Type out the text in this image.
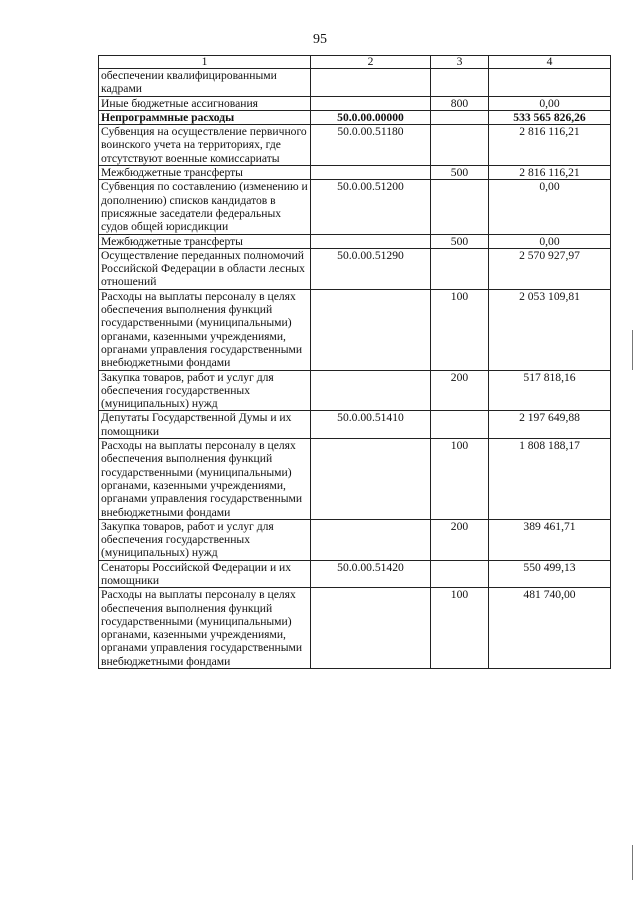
95
1	2	3	4
обеспечении квалифицированными кадрами			
Иные бюджетные ассигнования		800	0,00
Непрограммные расходы	50.0.00.00000		533 565 826,26
Субвенция на осуществление первичного воинского учета на территориях, где отсутствуют военные комиссариаты	50.0.00.51180		2 816 116,21
Межбюджетные трансферты		500	2 816 116,21
Субвенция по составлению (изменению и дополнению) списков кандидатов в присяжные заседатели федеральных судов общей юрисдикции	50.0.00.51200		0,00
Межбюджетные трансферты		500	0,00
Осуществление переданных полномочий Российской Федерации в области лесных отношений	50.0.00.51290		2 570 927,97
Расходы на выплаты персоналу в целях обеспечения выполнения функций государственными (муниципальными) органами, казенными учреждениями, органами управления государственными внебюджетными фондами		100	2 053 109,81
Закупка товаров, работ и услуг для обеспечения государственных (муниципальных) нужд		200	517 818,16
Депутаты Государственной Думы и их помощники	50.0.00.51410		2 197 649,88
Расходы на выплаты персоналу в целях обеспечения выполнения функций государственными (муниципальными) органами, казенными учреждениями, органами управления государственными внебюджетными фондами		100	1 808 188,17
Закупка товаров, работ и услуг для обеспечения государственных (муниципальных) нужд		200	389 461,71
Сенаторы Российской Федерации и их помощники	50.0.00.51420		550 499,13
Расходы на выплаты персоналу в целях обеспечения выполнения функций государственными (муниципальными) органами, казенными учреждениями, органами управления государственными внебюджетными фондами		100	481 740,00
